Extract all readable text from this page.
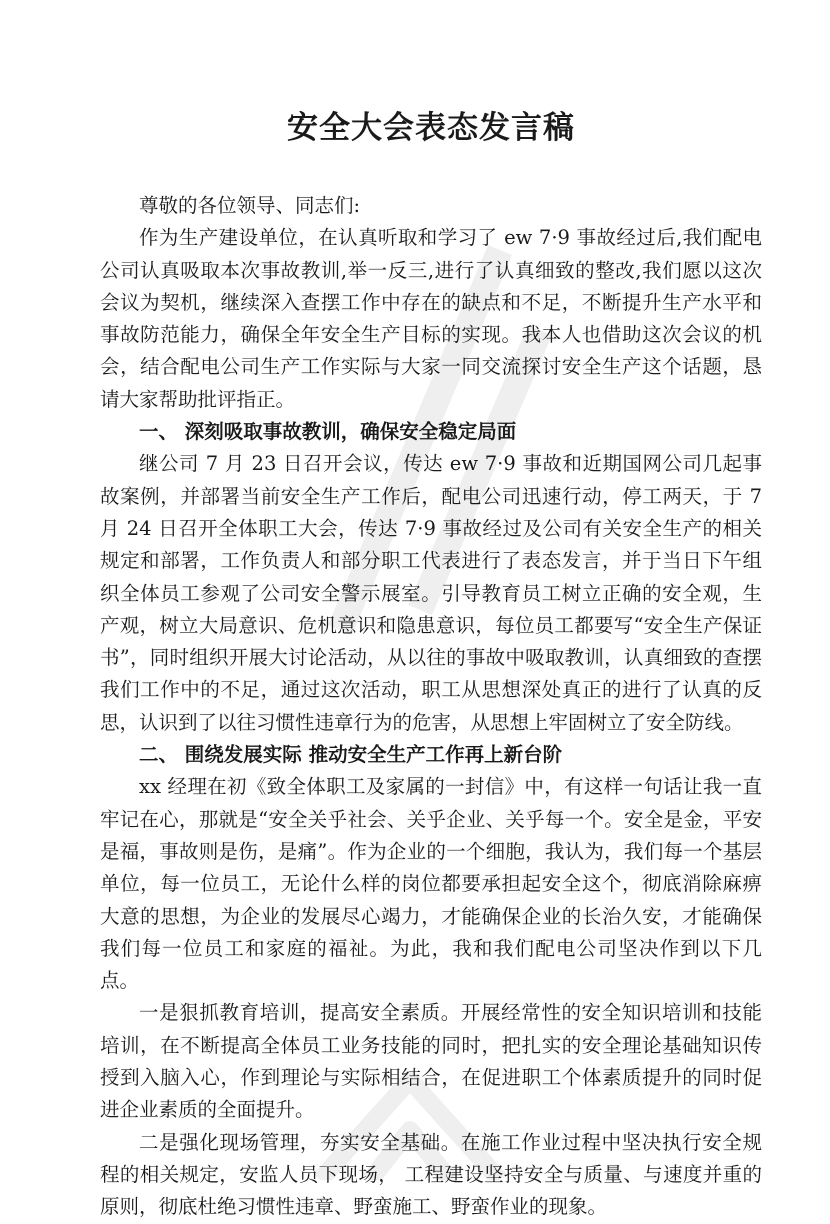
安全大会表态发言稿

尊敬的各位领导、同志们:

作为生产建设单位，在认真听取和学习了 ew 7·9 事故经过后,我们配电公司认真吸取本次事故教训,举一反三,进行了认真细致的整改,我们愿以这次会议为契机，继续深入查摆工作中存在的缺点和不足，不断提升生产水平和事故防范能力，确保全年安全生产目标的实现。我本人也借助这次会议的机会，结合配电公司生产工作实际与大家一同交流探讨安全生产这个话题，恳请大家帮助批评指正。

一、 深刻吸取事故教训，确保安全稳定局面

继公司 7 月 23 日召开会议，传达 ew 7·9 事故和近期国网公司几起事故案例，并部署当前安全生产工作后，配电公司迅速行动，停工两天，于 7 月 24 日召开全体职工大会，传达 7·9 事故经过及公司有关安全生产的相关规定和部署，工作负责人和部分职工代表进行了表态发言，并于当日下午组织全体员工参观了公司安全警示展室。引导教育员工树立正确的安全观，生产观，树立大局意识、危机意识和隐患意识，每位员工都要写“安全生产保证书”，同时组织开展大讨论活动，从以往的事故中吸取教训，认真细致的查摆我们工作中的不足，通过这次活动，职工从思想深处真正的进行了认真的反思，认识到了以往习惯性违章行为的危害，从思想上牢固树立了安全防线。

二、 围绕发展实际 推动安全生产工作再上新台阶

xx 经理在初《致全体职工及家属的一封信》中，有这样一句话让我一直牢记在心，那就是“安全关乎社会、关乎企业、关乎每一个。安全是金，平安是福，事故则是伤，是痛”。作为企业的一个细胞，我认为，我们每一个基层单位，每一位员工，无论什么样的岗位都要承担起安全这个，彻底消除麻痹大意的思想，为企业的发展尽心竭力，才能确保企业的长治久安，才能确保我们每一位员工和家庭的福祉。为此，我和我们配电公司坚决作到以下几点。

一是狠抓教育培训，提高安全素质。开展经常性的安全知识培训和技能培训，在不断提高全体员工业务技能的同时，把扎实的安全理论基础知识传授到入脑入心，作到理论与实际相结合，在促进职工个体素质提升的同时促进企业素质的全面提升。

二是强化现场管理，夯实安全基础。在施工作业过程中坚决执行安全规程的相关规定，安监人员下现场， 工程建设坚持安全与质量、与速度并重的原则，彻底杜绝习惯性违章、野蛮施工、野蛮作业的现象。
